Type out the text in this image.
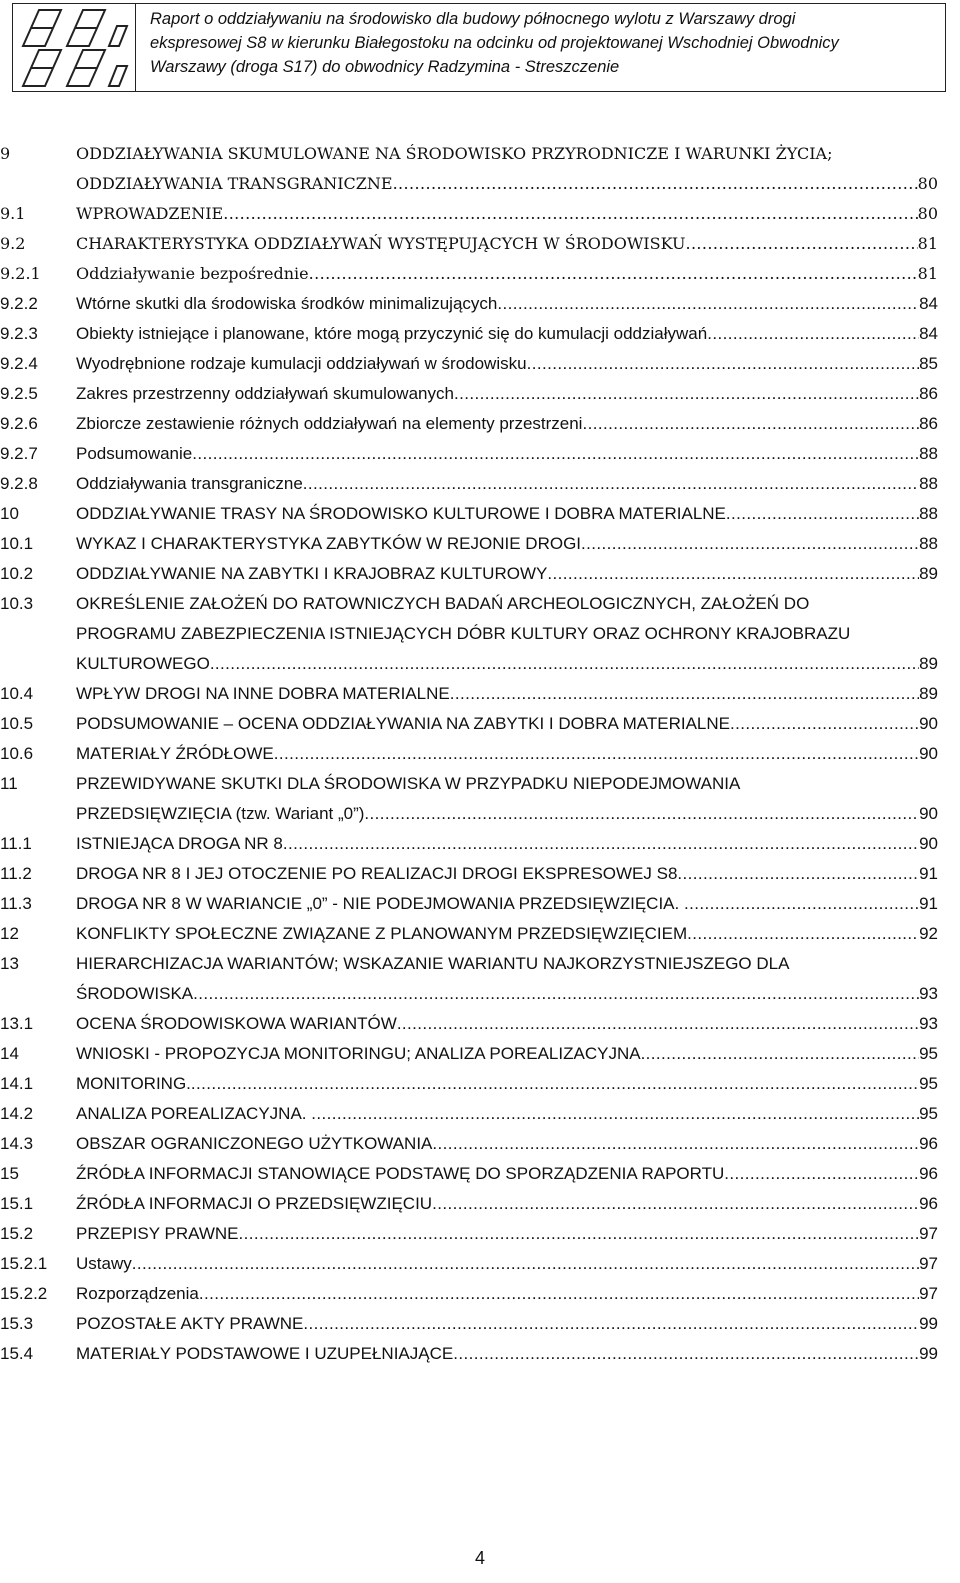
Raport o oddziaływaniu na środowisko dla budowy północnego wylotu z Warszawy drogi
ekspresowej S8 w kierunku Białegostoku na odcinku od projektowanej Wschodniej Obwodnicy
Warszawy (droga S17) do obwodnicy Radzymina - Streszczenie
9	ODDZIAŁYWANIA SKUMULOWANE NA ŚRODOWISKO PRZYRODNICZE I WARUNKI ŻYCIA;
ODDZIAŁYWANIA TRANSGRANICZNE .....	80
9.1	WPROWADZENIE .....	80
9.2	CHARAKTERYSTYKA ODDZIAŁYWAŃ WYSTĘPUJĄCYCH W ŚRODOWISKU .....	81
9.2.1 Oddziaływanie bezpośrednie .....	81
9.2.2 Wtórne skutki dla środowiska środków minimalizujących .....	84
9.2.3 Obiekty istniejące i planowane, które mogą przyczynić się do kumulacji oddziaływań .....	84
9.2.4 Wyodrębnione rodzaje kumulacji oddziaływań w środowisku .....	85
9.2.5 Zakres przestrzenny oddziaływań skumulowanych .....	86
9.2.6 Zbiorcze zestawienie różnych oddziaływań na elementy przestrzeni .....	86
9.2.7 Podsumowanie .....	88
9.2.8 Oddziaływania transgraniczne .....	88
10	ODDZIAŁYWANIE TRASY NA ŚRODOWISKO KULTUROWE I DOBRA MATERIALNE .....	88
10.1	WYKAZ I CHARAKTERYSTYKA ZABYTKÓW W REJONIE DROGI .....	88
10.2	ODDZIAŁYWANIE NA ZABYTKI I KRAJOBRAZ KULTUROWY .....	89
10.3	OKREŚLENIE ZAŁOŻEŃ DO RATOWNICZYCH BADAŃ ARCHEOLOGICZNYCH, ZAŁOŻEŃ DO
PROGRAMU ZABEZPIECZENIA ISTNIEJĄCYCH DÓBR KULTURY ORAZ OCHRONY KRAJOBRAZU
KULTUROWEGO .....	89
10.4	WPŁYW DROGI NA INNE DOBRA MATERIALNE .....	89
10.5	PODSUMOWANIE – OCENA ODDZIAŁYWANIA NA ZABYTKI I DOBRA MATERIALNE .....	90
10.6	MATERIAŁY ŹRÓDŁOWE .....	90
11	PRZEWIDYWANE SKUTKI DLA ŚRODOWISKA W PRZYPADKU NIEPODEJMOWANIA
PRZEDSIĘWZIĘCIA (tzw. Wariant „0”) .....	90
11.1	ISTNIEJĄCA DROGA NR 8 .....	90
11.2	DROGA NR 8 I JEJ OTOCZENIE PO REALIZACJI DROGI EKSPRESOWEJ S8 .....	91
11.3	DROGA NR 8 W WARIANCIE „0” - NIE PODEJMOWANIA PRZEDSIĘWZIĘCIA. .....	91
12	KONFLIKTY SPOŁECZNE ZWIĄZANE Z PLANOWANYM PRZEDSIĘWZIĘCIEM .....	92
13	HIERARCHIZACJA WARIANTÓW; WSKAZANIE WARIANTU NAJKORZYSTNIEJSZEGO DLA
ŚRODOWISKA .....	93
13.1	OCENA ŚRODOWISKOWA WARIANTÓW .....	93
14	WNIOSKI - PROPOZYCJA MONITORINGU; ANALIZA POREALIZACYJNA .....	95
14.1	MONITORING. .....	95
14.2	ANALIZA POREALIZACYJNA. .....	95
14.3	OBSZAR OGRANICZONEGO UŻYTKOWANIA .....	96
15	ŹRÓDŁA INFORMACJI STANOWIĄCE PODSTAWĘ DO SPORZĄDZENIA RAPORTU .....	96
15.1	ŹRÓDŁA INFORMACJI O PRZEDSIĘWZIĘCIU .....	96
15.2	PRZEPISY PRAWNE .....	97
15.2.1 Ustawy .....	97
15.2.2 Rozporządzenia .....	97
15.3	POZOSTAŁE AKTY PRAWNE .....	99
15.4	MATERIAŁY PODSTAWOWE I UZUPEŁNIAJĄCE .....	99
4
